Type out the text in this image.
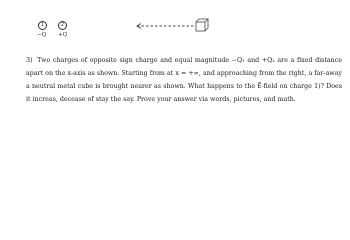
1	2
−Q +Q
3) Two charges of opposite sign charge and equal magnitude −Q₁ and +Q₂ are a fixed distance apart on the x-axis as shown. Starting from at x = +∞, and approaching from the right, a far-away a neutral metal cube is brought nearer as shown. What happens to the E⃗-field on charge 1)? Does it increas, decease of stay the say. Prove your answer via words, pictures, and math.
